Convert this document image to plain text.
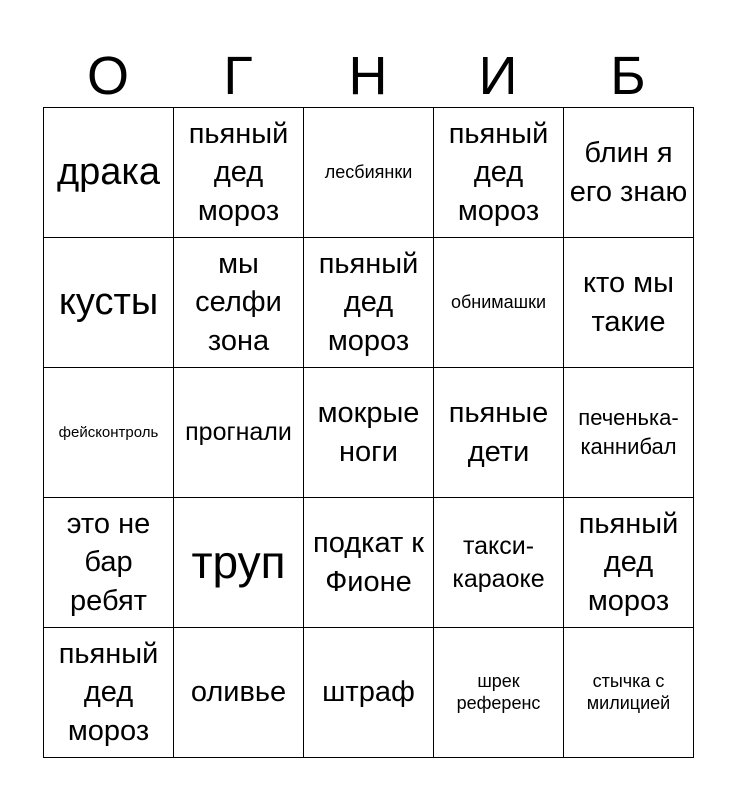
О	Г	Н	И	Б
драка	пьяный дед мороз	лесбиянки	пьяный дед мороз	блин я его знаю
кусты	мы селфи зона	пьяный дед мороз	обнимашки	кто мы такие
фейсконтроль	прогнали	мокрые ноги	пьяные дети	печенька-каннибал
это не бар ребят	труп	подкат к Фионе	такси-караоке	пьяный дед мороз
пьяный дед мороз	оливье	штраф	шрек референс	стычка с милицией
